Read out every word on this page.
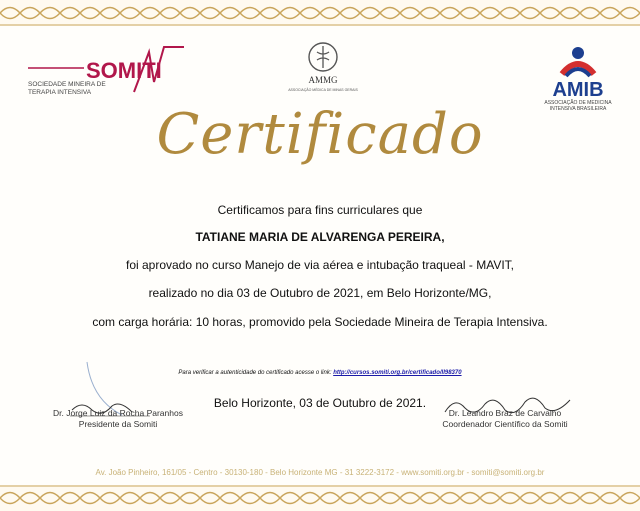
SOMITI
SOCIEDADE MINEIRA DE
TERAPIA INTENSIVA
AMMG
ASSOCIAÇÃO MÉDICA DE MINAS GERAIS	AMIB
ASSOCIAÇÃO DE MEDICINA
INTENSIVA BRASILEIRA
Certificado
Certificamos para fins curriculares que
TATIANE MARIA DE ALVARENGA PEREIRA,
foi aprovado no curso Manejo de via aérea e intubação traqueal - MAVIT,
realizado no dia 03 de Outubro de 2021, em Belo Horizonte/MG,
com carga horária: 10 horas, promovido pela Sociedade Mineira de Terapia Intensiva.
Para verificar a autenticidade do certificado acesse o link: http://cursos.somiti.org.br/certificado/II98370
Belo Horizonte, 03 de Outubro de 2021.
Dr. Jorge Luiz da Rocha Paranhos
Presidente da Somiti
Dr. Leandro Braz de Carvalho
Coordenador Científico da Somiti
Av. João Pinheiro, 161/05 - Centro - 30130-180 - Belo Horizonte MG - 31 3222-3172 - www.somiti.org.br - somiti@somiti.org.br
